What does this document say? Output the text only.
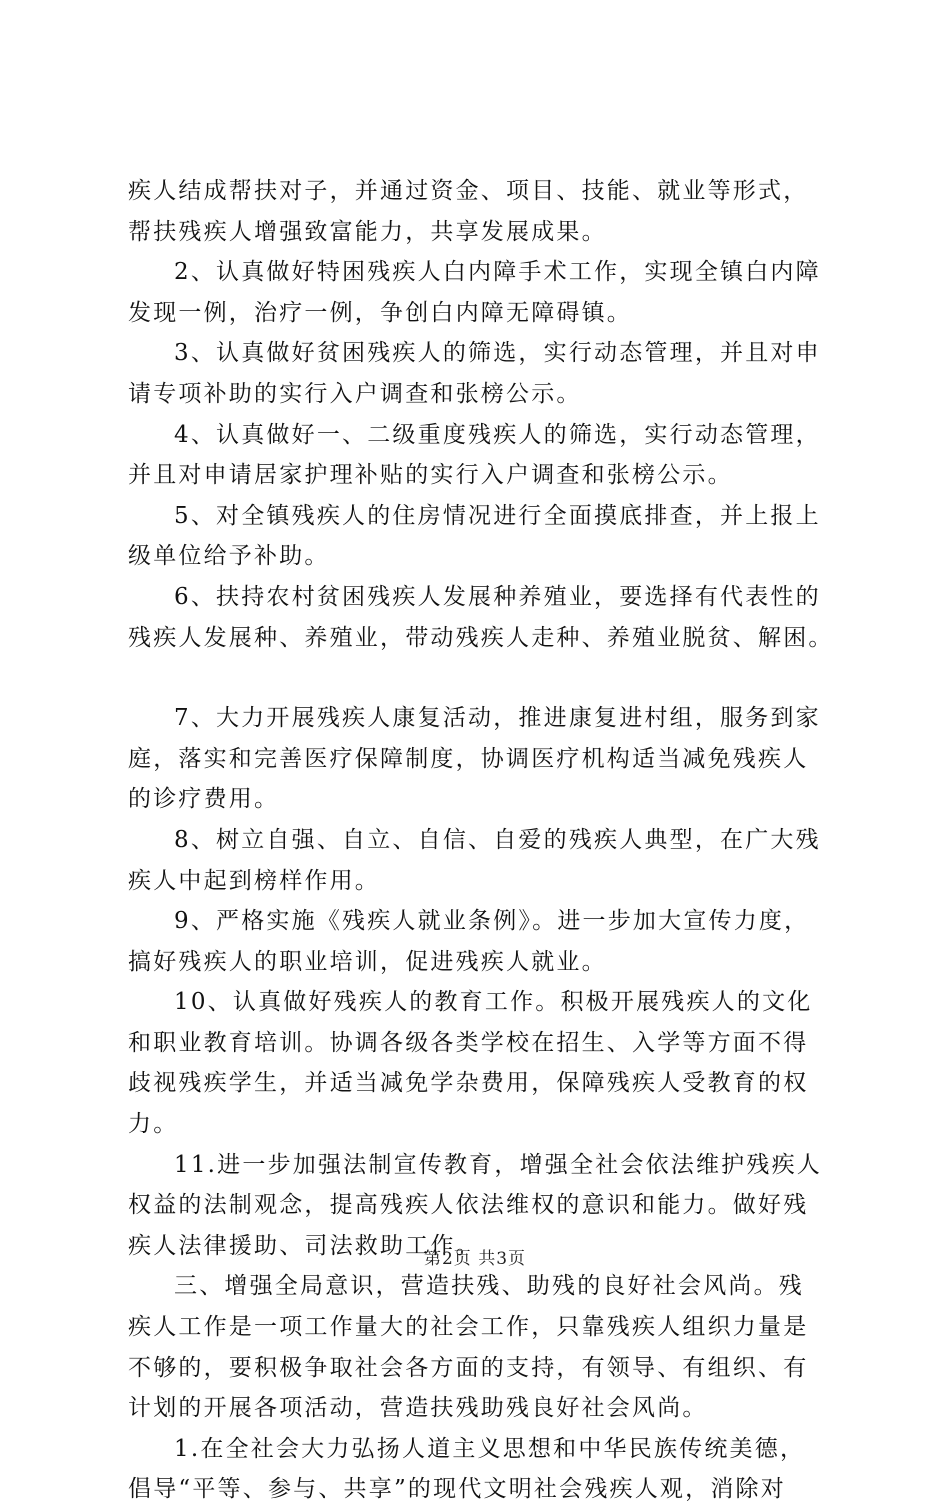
疾人结成帮扶对子，并通过资金、项目、技能、就业等形式，
帮扶残疾人增强致富能力，共享发展成果。
2、认真做好特困残疾人白内障手术工作，实现全镇白内障
发现一例，治疗一例，争创白内障无障碍镇。
3、认真做好贫困残疾人的筛选，实行动态管理，并且对申
请专项补助的实行入户调查和张榜公示。
4、认真做好一、二级重度残疾人的筛选，实行动态管理，
并且对申请居家护理补贴的实行入户调查和张榜公示。
5、对全镇残疾人的住房情况进行全面摸底排查，并上报上
级单位给予补助。
6、扶持农村贫困残疾人发展种养殖业，要选择有代表性的
残疾人发展种、养殖业，带动残疾人走种、养殖业脱贫、解困。
7、大力开展残疾人康复活动，推进康复进村组，服务到家
庭，落实和完善医疗保障制度，协调医疗机构适当减免残疾人
的诊疗费用。
8、树立自强、自立、自信、自爱的残疾人典型，在广大残
疾人中起到榜样作用。
9、严格实施《残疾人就业条例》。进一步加大宣传力度，
搞好残疾人的职业培训，促进残疾人就业。
10、认真做好残疾人的教育工作。积极开展残疾人的文化
和职业教育培训。协调各级各类学校在招生、入学等方面不得
歧视残疾学生，并适当减免学杂费用，保障残疾人受教育的权
力。
11.进一步加强法制宣传教育，增强全社会依法维护残疾人
权益的法制观念，提高残疾人依法维权的意识和能力。做好残
疾人法律援助、司法救助工作。
三、增强全局意识，营造扶残、助残的良好社会风尚。残
疾人工作是一项工作量大的社会工作，只靠残疾人组织力量是
不够的，要积极争取社会各方面的支持，有领导、有组织、有
计划的开展各项活动，营造扶残助残良好社会风尚。
1.在全社会大力弘扬人道主义思想和中华民族传统美德，
倡导“平等、参与、共享”的现代文明社会残疾人观，消除对
第2页 共3页
